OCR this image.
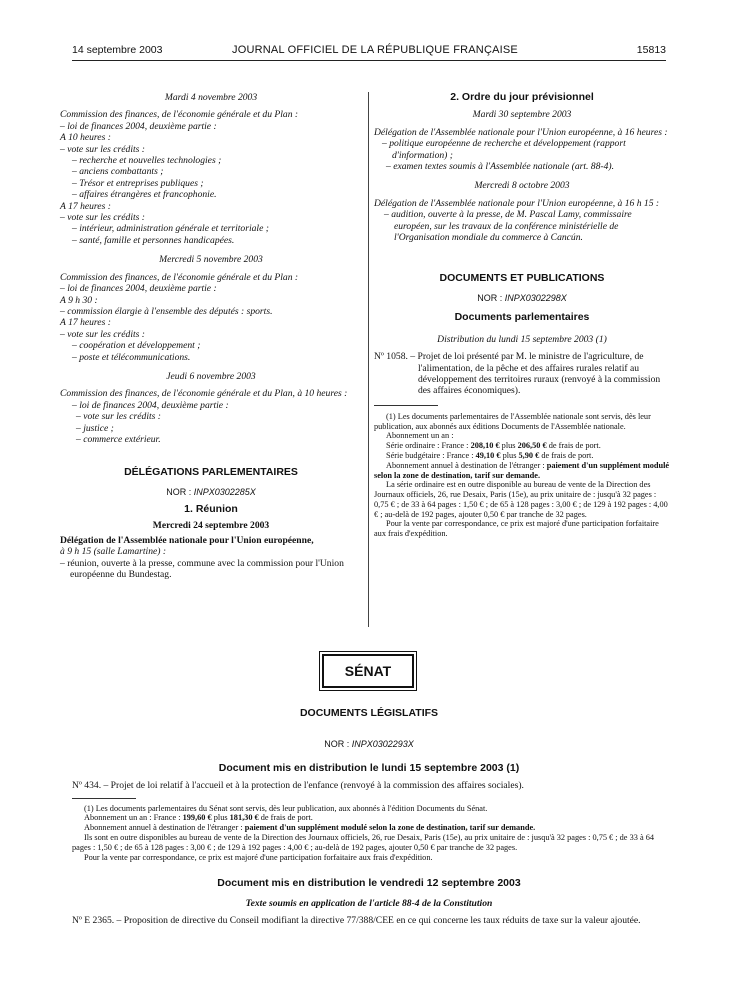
14 septembre 2003	JOURNAL OFFICIEL DE LA RÉPUBLIQUE FRANÇAISE	15813

Mardi 4 novembre 2003

Commission des finances, de l'économie générale et du Plan :

– loi de finances 2004, deuxième partie :

A 10 heures :

– vote sur les crédits :

– recherche et nouvelles technologies ;

– anciens combattants ;

– Trésor et entreprises publiques ;

– affaires étrangères et francophonie.

A 17 heures :

– vote sur les crédits :

– intérieur, administration générale et territoriale ;

– santé, famille et personnes handicapées.

Mercredi 5 novembre 2003

Commission des finances, de l'économie générale et du Plan :

– loi de finances 2004, deuxième partie :

A 9 h 30 :

– commission élargie à l'ensemble des députés : sports.

A 17 heures :

– vote sur les crédits :

– coopération et développement ;

– poste et télécommunications.

Jeudi 6 novembre 2003

Commission des finances, de l'économie générale et du Plan, à 10 heures :

– loi de finances 2004, deuxième partie :

– vote sur les crédits :

– justice ;

– commerce extérieur.

DÉLÉGATIONS PARLEMENTAIRES

NOR : INPX0302285X

1. Réunion

Mercredi 24 septembre 2003

Délégation de l'Assemblée nationale pour l'Union européenne,

à 9 h 15 (salle Lamartine) :

– réunion, ouverte à la presse, commune avec la commission pour l'Union européenne du Bundestag.

2. Ordre du jour prévisionnel

Mardi 30 septembre 2003

Délégation de l'Assemblée nationale pour l'Union européenne, à 16 heures :

– politique européenne de recherche et développement (rapport d'information) ;

– examen textes soumis à l'Assemblée nationale (art. 88-4).

Mercredi 8 octobre 2003

Délégation de l'Assemblée nationale pour l'Union européenne, à 16 h 15 :

– audition, ouverte à la presse, de M. Pascal Lamy, commissaire européen, sur les travaux de la conférence ministérielle de l'Organisation mondiale du commerce à Cancún.

DOCUMENTS ET PUBLICATIONS

NOR : INPX0302298X

Documents parlementaires

Distribution du lundi 15 septembre 2003 (1)

Nº 1058. – Projet de loi présenté par M. le ministre de l'agriculture, de l'alimentation, de la pêche et des affaires rurales relatif au développement des territoires ruraux (renvoyé à la commission des affaires économiques).

(1) Les documents parlementaires de l'Assemblée nationale sont servis, dès leur publication, aux abonnés aux éditions Documents de l'Assemblée nationale.

Abonnement un an :

Série ordinaire : France : 208,10 € plus 206,50 € de frais de port.

Série budgétaire : France : 49,10 € plus 5,90 € de frais de port.

Abonnement annuel à destination de l'étranger : paiement d'un supplément modulé selon la zone de destination, tarif sur demande.

La série ordinaire est en outre disponible au bureau de vente de la Direction des Journaux officiels, 26, rue Desaix, Paris (15e), au prix unitaire de : jusqu'à 32 pages : 0,75 € ; de 33 à 64 pages : 1,50 € ; de 65 à 128 pages : 3,00 € ; de 129 à 192 pages : 4,00 € ; au-delà de 192 pages, ajouter 0,50 € par tranche de 32 pages.

Pour la vente par correspondance, ce prix est majoré d'une participation forfaitaire aux frais d'expédition.

SÉNAT

DOCUMENTS LÉGISLATIFS

NOR : INPX0302293X

Document mis en distribution le lundi 15 septembre 2003 (1)

Nº 434. – Projet de loi relatif à l'accueil et à la protection de l'enfance (renvoyé à la commission des affaires sociales).

(1) Les documents parlementaires du Sénat sont servis, dès leur publication, aux abonnés à l'édition Documents du Sénat.

Abonnement un an : France : 199,60 € plus 181,30 € de frais de port.

Abonnement annuel à destination de l'étranger : paiement d'un supplément modulé selon la zone de destination, tarif sur demande.

Ils sont en outre disponibles au bureau de vente de la Direction des Journaux officiels, 26, rue Desaix, Paris (15e), au prix unitaire de : jusqu'à 32 pages : 0,75 € ; de 33 à 64 pages : 1,50 € ; de 65 à 128 pages : 3,00 € ; de 129 à 192 pages : 4,00 € ; au-delà de 192 pages, ajouter 0,50 € par tranche de 32 pages.

Pour la vente par correspondance, ce prix est majoré d'une participation forfaitaire aux frais d'expédition.

Document mis en distribution le vendredi 12 septembre 2003

Texte soumis en application de l'article 88-4 de la Constitution

Nº E 2365. – Proposition de directive du Conseil modifiant la directive 77/388/CEE en ce qui concerne les taux réduits de taxe sur la valeur ajoutée.
